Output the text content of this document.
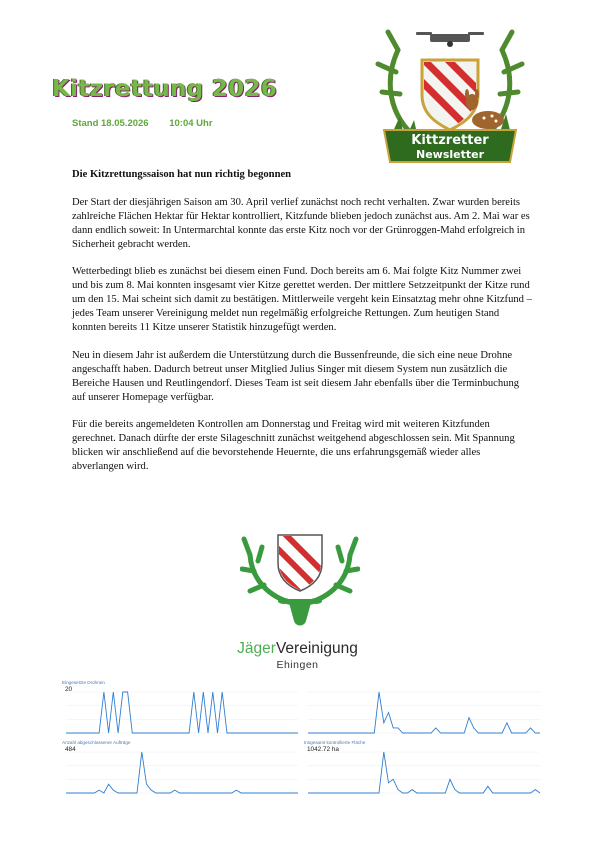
Kitzrettung 2026
Stand 18.05.2026 10:04 Uhr
Kittzretter
Newsletter
Die Kitzrettungssaison hat nun richtig begonnen

Der Start der diesjährigen Saison am 30. April verlief zunächst noch recht verhalten. Zwar wurden bereits zahlreiche Flächen Hektar für Hektar kontrolliert, Kitzfunde blieben jedoch zunächst aus. Am 2. Mai war es dann endlich soweit: In Untermarchtal konnte das erste Kitz noch vor der Grünroggen-Mahd erfolgreich in Sicherheit gebracht werden.

Wetterbedingt blieb es zunächst bei diesem einen Fund. Doch bereits am 6. Mai folgte Kitz Nummer zwei und bis zum 8. Mai konnten insgesamt vier Kitze gerettet werden. Der mittlere Setzzeitpunkt der Kitze rund um den 15. Mai scheint sich damit zu bestätigen. Mittlerweile vergeht kein Einsatztag mehr ohne Kitzfund – jedes Team unserer Vereinigung meldet nun regelmäßig erfolgreiche Rettungen. Zum heutigen Stand konnten bereits 11 Kitze unserer Statistik hinzugefügt werden.

Neu in diesem Jahr ist außerdem die Unterstützung durch die Bussenfreunde, die sich eine neue Drohne angeschafft haben. Dadurch betreut unser Mitglied Julius Singer mit diesem System nun zusätzlich die Bereiche Hausen und Reutlingendorf. Dieses Team ist seit diesem Jahr ebenfalls über die Terminbuchung auf unserer Homepage verfügbar.

Für die bereits angemeldeten Kontrollen am Donnerstag und Freitag wird mit weiteren Kitzfunden gerechnet. Danach dürfte der erste Silageschnitt zunächst weitgehend abgeschlossen sein. Mit Spannung blicken wir anschließend auf die bevorstehende Heuernte, die uns erfahrungsgemäß wieder alles abverlangen wird.

JägerVereinigung
Ehingen
Eingesetzte Drohnen
20
Anzahl abgeschlossener Aufträge
484
Insgesamt kontrollierte Fläche
1042.72 ha
